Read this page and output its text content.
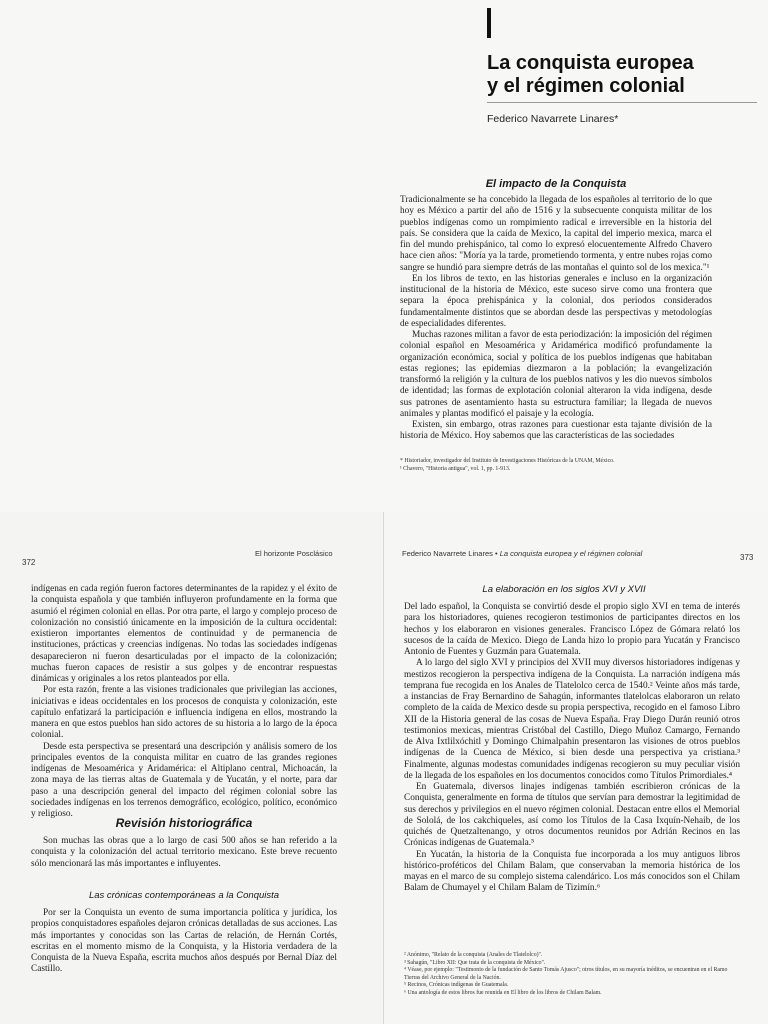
La conquista europea
y el régimen colonial
Federico Navarrete Linares*
El impacto de la Conquista

Tradicionalmente se ha concebido la llegada de los españoles al territorio de lo que hoy es México a partir del año de 1516 y la subsecuente conquista militar de los pueblos indígenas como un rompimiento radical e irreversible en la historia del país. Se considera que la caída de Mexico, la capital del imperio mexica, marca el fin del mundo prehispánico, tal como lo expresó elocuentemente Alfredo Chavero hace cien años: "Moría ya la tarde, prometiendo tormenta, y entre nubes rojas como sangre se hundió para siempre detrás de las montañas el quinto sol de los mexica."¹

En los libros de texto, en las historias generales e incluso en la organización institucional de la historia de México, este suceso sirve como una frontera que separa la época prehispánica y la colonial, dos periodos considerados fundamentalmente distintos que se abordan desde las perspectivas y metodologías de especialidades diferentes.

Muchas razones militan a favor de esta periodización: la imposición del régimen colonial español en Mesoamérica y Aridamérica modificó profundamente la organización económica, social y política de los pueblos indígenas que habitaban estas regiones; las epidemias diezmaron a la población; la evangelización transformó la religión y la cultura de los pueblos nativos y les dio nuevos símbolos de identidad; las formas de explotación colonial alteraron la vida indígena, desde sus patrones de asentamiento hasta su estructura familiar; la llegada de nuevos animales y plantas modificó el paisaje y la ecología.

Existen, sin embargo, otras razones para cuestionar esta tajante división de la historia de México. Hoy sabemos que las características de las sociedades

* Historiador, investigador del Instituto de Investigaciones Históricas de la UNAM, México.

¹ Chavero, "Historia antigua", vol. 1, pp. 1-913.

372
El horizonte Posclásico

indígenas en cada región fueron factores determinantes de la rapidez y el éxito de la conquista española y que también influyeron profundamente en la forma que asumió el régimen colonial en ellas. Por otra parte, el largo y complejo proceso de colonización no consistió únicamente en la imposición de la cultura occidental: existieron importantes elementos de continuidad y de permanencia de instituciones, prácticas y creencias indígenas. No todas las sociedades indígenas desaparecieron ni fueron desarticuladas por el impacto de la colonización; muchas fueron capaces de resistir a sus golpes y de encontrar respuestas dinámicas y originales a los retos planteados por ella.

Por esta razón, frente a las visiones tradicionales que privilegian las acciones, iniciativas e ideas occidentales en los procesos de conquista y colonización, este capítulo enfatizará la participación e influencia indígena en ellos, mostrando la manera en que estos pueblos han sido actores de su historia a lo largo de la época colonial.

Desde esta perspectiva se presentará una descripción y análisis somero de los principales eventos de la conquista militar en cuatro de las grandes regiones indígenas de Mesoamérica y Aridamérica: el Altiplano central, Michoacán, la zona maya de las tierras altas de Guatemala y de Yucatán, y el norte, para dar paso a una descripción general del impacto del régimen colonial sobre las sociedades indígenas en los terrenos demográfico, ecológico, político, económico y religioso.

Revisión historiográfica

Son muchas las obras que a lo largo de casi 500 años se han referido a la conquista y la colonización del actual territorio mexicano. Este breve recuento sólo mencionará las más importantes e influyentes.

Las crónicas contemporáneas a la Conquista

Por ser la Conquista un evento de suma importancia política y jurídica, los propios conquistadores españoles dejaron crónicas detalladas de sus acciones. Las más importantes y conocidas son las Cartas de relación, de Hernán Cortés, escritas en el momento mismo de la Conquista, y la Historia verdadera de la Conquista de la Nueva España, escrita muchos años después por Bernal Díaz del Castillo.

Federico Navarrete Linares • La conquista europea y el régimen colonial	373
La elaboración en los siglos XVI y XVII

Del lado español, la Conquista se convirtió desde el propio siglo XVI en tema de interés para los historiadores, quienes recogieron testimonios de participantes directos en los hechos y los elaboraron en visiones generales. Francisco López de Gómara relató los sucesos de la caída de Mexico. Diego de Landa hizo lo propio para Yucatán y Francisco Antonio de Fuentes y Guzmán para Guatemala.

A lo largo del siglo XVI y principios del XVII muy diversos historiadores indígenas y mestizos recogieron la perspectiva indígena de la Conquista. La narración indígena más temprana fue recogida en los Anales de Tlatelolco cerca de 1540.² Veinte años más tarde, a instancias de Fray Bernardino de Sahagún, informantes tlatelolcas elaboraron un relato completo de la caída de Mexico desde su propia perspectiva, recogido en el famoso Libro XII de la Historia general de las cosas de Nueva España. Fray Diego Durán reunió otros testimonios mexicas, mientras Cristóbal del Castillo, Diego Muñoz Camargo, Fernando de Alva Ixtlilxóchitl y Domingo Chimalpahin presentaron las visiones de otros pueblos indígenas de la Cuenca de México, si bien desde una perspectiva ya cristiana.³ Finalmente, algunas modestas comunidades indígenas recogieron su muy peculiar visión de la llegada de los españoles en los documentos conocidos como Títulos Primordiales.⁴

En Guatemala, diversos linajes indígenas también escribieron crónicas de la Conquista, generalmente en forma de títulos que servían para demostrar la legitimidad de sus derechos y privilegios en el nuevo régimen colonial. Destacan entre ellos el Memorial de Sololá, de los cakchiqueles, así como los Títulos de la Casa Ixquín-Nehaib, de los quichés de Quetzaltenango, y otros documentos reunidos por Adrián Recinos en las Crónicas indígenas de Guatemala.⁵

En Yucatán, la historia de la Conquista fue incorporada a los muy antiguos libros histórico-proféticos del Chilam Balam, que conservaban la memoria histórica de los mayas en el marco de su complejo sistema calendárico. Los más conocidos son el Chilam Balam de Chumayel y el Chilam Balam de Tizimín.⁶

² Anónimo, "Relato de la conquista (Anales de Tlatelolco)".

³ Sahagún, "Libro XII: Que trata de la conquista de México".

⁴ Véase, por ejemplo: "Testimonio de la fundación de Santo Tomás Ajusco"; otros títulos, en su mayoría inéditos, se encuentran en el Ramo Tierras del Archivo General de la Nación.

⁵ Recinos, Crónicas indígenas de Guatemala.

⁶ Una antología de estos libros fue reunida en El libro de los libros de Chilam Balam.
